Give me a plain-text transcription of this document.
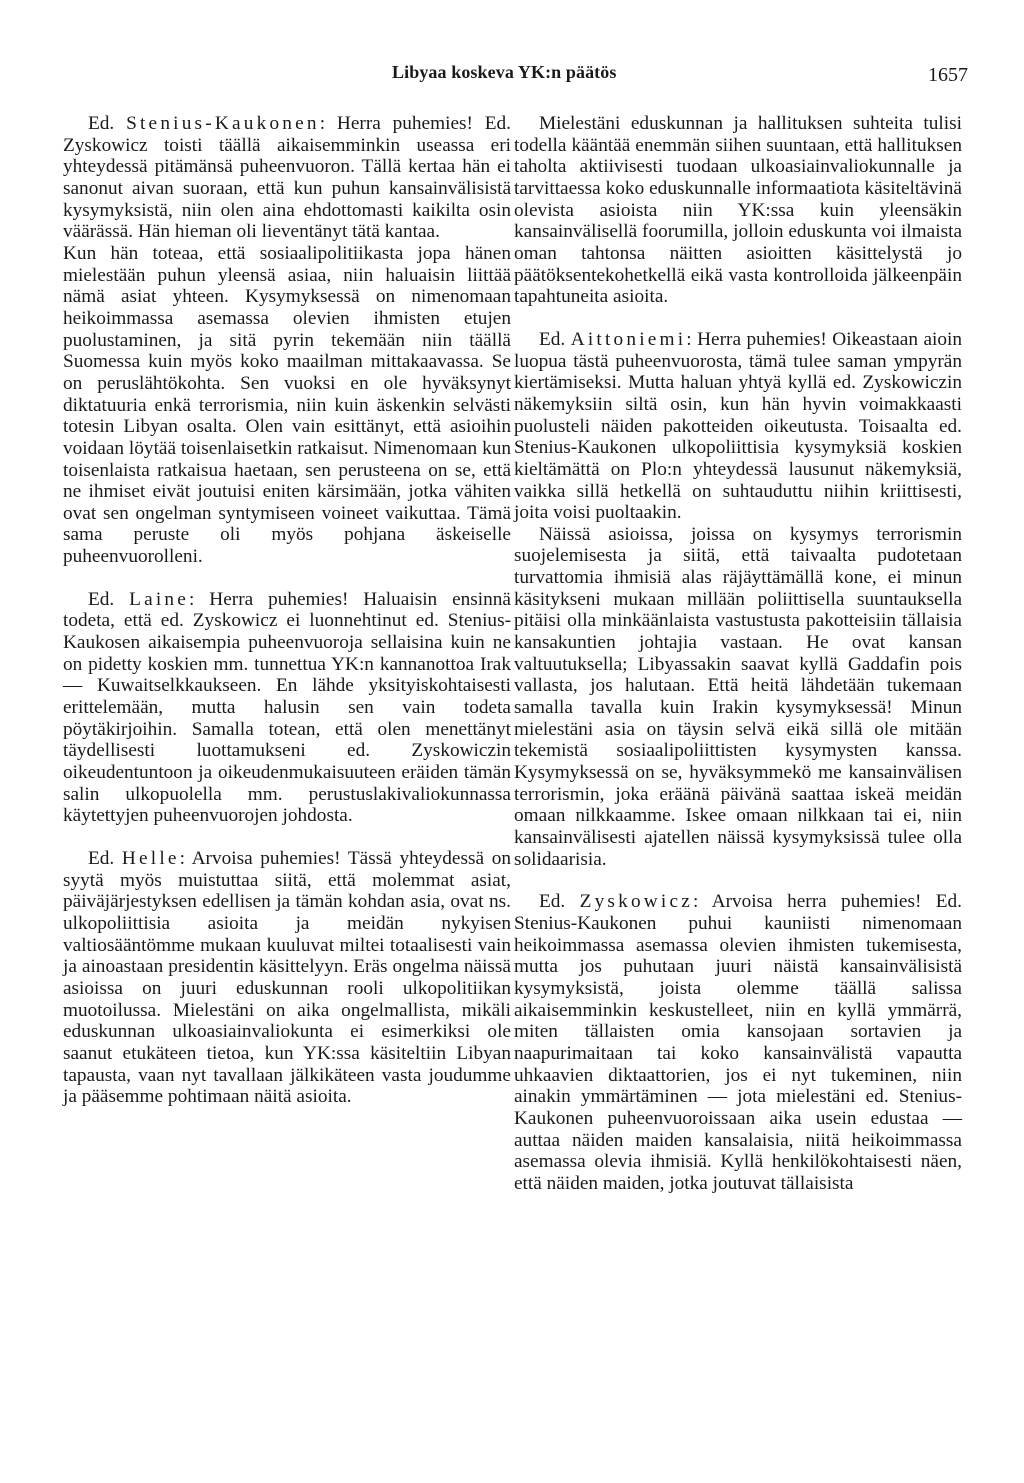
Libyaa koskeva YK:n päätös	1657

Ed. Stenius-Kaukonen: Herra puhemies! Ed. Zyskowicz toisti täällä aikaisemminkin useassa eri yhteydessä pitämänsä puheenvuoron. Tällä kertaa hän ei sanonut aivan suoraan, että kun puhun kansainvälisistä kysymyksistä, niin olen aina ehdottomasti kaikilta osin väärässä. Hän hieman oli lieventänyt tätä kantaa.

Kun hän toteaa, että sosiaalipolitiikasta jopa hänen mielestään puhun yleensä asiaa, niin haluaisin liittää nämä asiat yhteen. Kysymyksessä on nimenomaan heikoimmassa asemassa olevien ihmisten etujen puolustaminen, ja sitä pyrin tekemään niin täällä Suomessa kuin myös koko maailman mittakaavassa. Se on peruslähtökohta. Sen vuoksi en ole hyväksynyt diktatuuria enkä terrorismia, niin kuin äskenkin selvästi totesin Libyan osalta. Olen vain esittänyt, että asioihin voidaan löytää toisenlaisetkin ratkaisut. Nimenomaan kun toisenlaista ratkaisua haetaan, sen perusteena on se, että ne ihmiset eivät joutuisi eniten kärsimään, jotka vähiten ovat sen ongelman syntymiseen voineet vaikuttaa. Tämä sama peruste oli myös pohjana äskeiselle puheenvuorolleni.

Ed. Laine: Herra puhemies! Haluaisin ensinnä todeta, että ed. Zyskowicz ei luonnehtinut ed. Stenius-Kaukosen aikaisempia puheenvuoroja sellaisina kuin ne on pidetty koskien mm. tunnettua YK:n kannanottoa Irak — Kuwaitselkkaukseen. En lähde yksityiskohtaisesti erittelemään, mutta halusin sen vain todeta pöytäkirjoihin. Samalla totean, että olen menettänyt täydellisesti luottamukseni ed. Zyskowiczin oikeudentuntoon ja oikeudenmukaisuuteen eräiden tämän salin ulkopuolella mm. perustuslakivaliokunnassa käytettyjen puheenvuorojen johdosta.

Ed. Helle: Arvoisa puhemies! Tässä yhteydessä on syytä myös muistuttaa siitä, että molemmat asiat, päiväjärjestyksen edellisen ja tämän kohdan asia, ovat ns. ulkopoliittisia asioita ja meidän nykyisen valtiosääntömme mukaan kuuluvat miltei totaalisesti vain ja ainoastaan presidentin käsittelyyn. Eräs ongelma näissä asioissa on juuri eduskunnan rooli ulkopolitiikan muotoilussa. Mielestäni on aika ongelmallista, mikäli eduskunnan ulkoasiainvaliokunta ei esimerkiksi ole saanut etukäteen tietoa, kun YK:ssa käsiteltiin Libyan tapausta, vaan nyt tavallaan jälkikäteen vasta joudumme ja pääsemme pohtimaan näitä asioita.

Mielestäni eduskunnan ja hallituksen suhteita tulisi todella kääntää enemmän siihen suuntaan, että hallituksen taholta aktiivisesti tuodaan ulkoasiainvaliokunnalle ja tarvittaessa koko eduskunnalle informaatiota käsiteltävinä olevista asioista niin YK:ssa kuin yleensäkin kansainvälisellä foorumilla, jolloin eduskunta voi ilmaista oman tahtonsa näitten asioitten käsittelystä jo päätöksentekohetkellä eikä vasta kontrolloida jälkeenpäin tapahtuneita asioita.

Ed. Aittoniemi: Herra puhemies! Oikeastaan aioin luopua tästä puheenvuorosta, tämä tulee saman ympyrän kiertämiseksi. Mutta haluan yhtyä kyllä ed. Zyskowiczin näkemyksiin siltä osin, kun hän hyvin voimakkaasti puolusteli näiden pakotteiden oikeutusta. Toisaalta ed. Stenius-Kaukonen ulkopoliittisia kysymyksiä koskien kieltämättä on Plo:n yhteydessä lausunut näkemyksiä, vaikka sillä hetkellä on suhtauduttu niihin kriittisesti, joita voisi puoltaakin.

Näissä asioissa, joissa on kysymys terrorismin suojelemisesta ja siitä, että taivaalta pudotetaan turvattomia ihmisiä alas räjäyttämällä kone, ei minun käsitykseni mukaan millään poliittisella suuntauksella pitäisi olla minkäänlaista vastustusta pakotteisiin tällaisia kansakuntien johtajia vastaan. He ovat kansan valtuutuksella; Libyassakin saavat kyllä Gaddafin pois vallasta, jos halutaan. Että heitä lähdetään tukemaan samalla tavalla kuin Irakin kysymyksessä! Minun mielestäni asia on täysin selvä eikä sillä ole mitään tekemistä sosiaalipoliittisten kysymysten kanssa. Kysymyksessä on se, hyväksymmekö me kansainvälisen terrorismin, joka eräänä päivänä saattaa iskeä meidän omaan nilkkaamme. Iskee omaan nilkkaan tai ei, niin kansainvälisesti ajatellen näissä kysymyksissä tulee olla solidaarisia.

Ed. Zyskowicz: Arvoisa herra puhemies! Ed. Stenius-Kaukonen puhui kauniisti nimenomaan heikoimmassa asemassa olevien ihmisten tukemisesta, mutta jos puhutaan juuri näistä kansainvälisistä kysymyksistä, joista olemme täällä salissa aikaisemminkin keskustelleet, niin en kyllä ymmärrä, miten tällaisten omia kansojaan sortavien ja naapurimaitaan tai koko kansainvälistä vapautta uhkaavien diktaattorien, jos ei nyt tukeminen, niin ainakin ymmärtäminen — jota mielestäni ed. Stenius-Kaukonen puheenvuoroissaan aika usein edustaa — auttaa näiden maiden kansalaisia, niitä heikoimmassa asemassa olevia ihmisiä. Kyllä henkilökohtaisesti näen, että näiden maiden, jotka joutuvat tällaisista
